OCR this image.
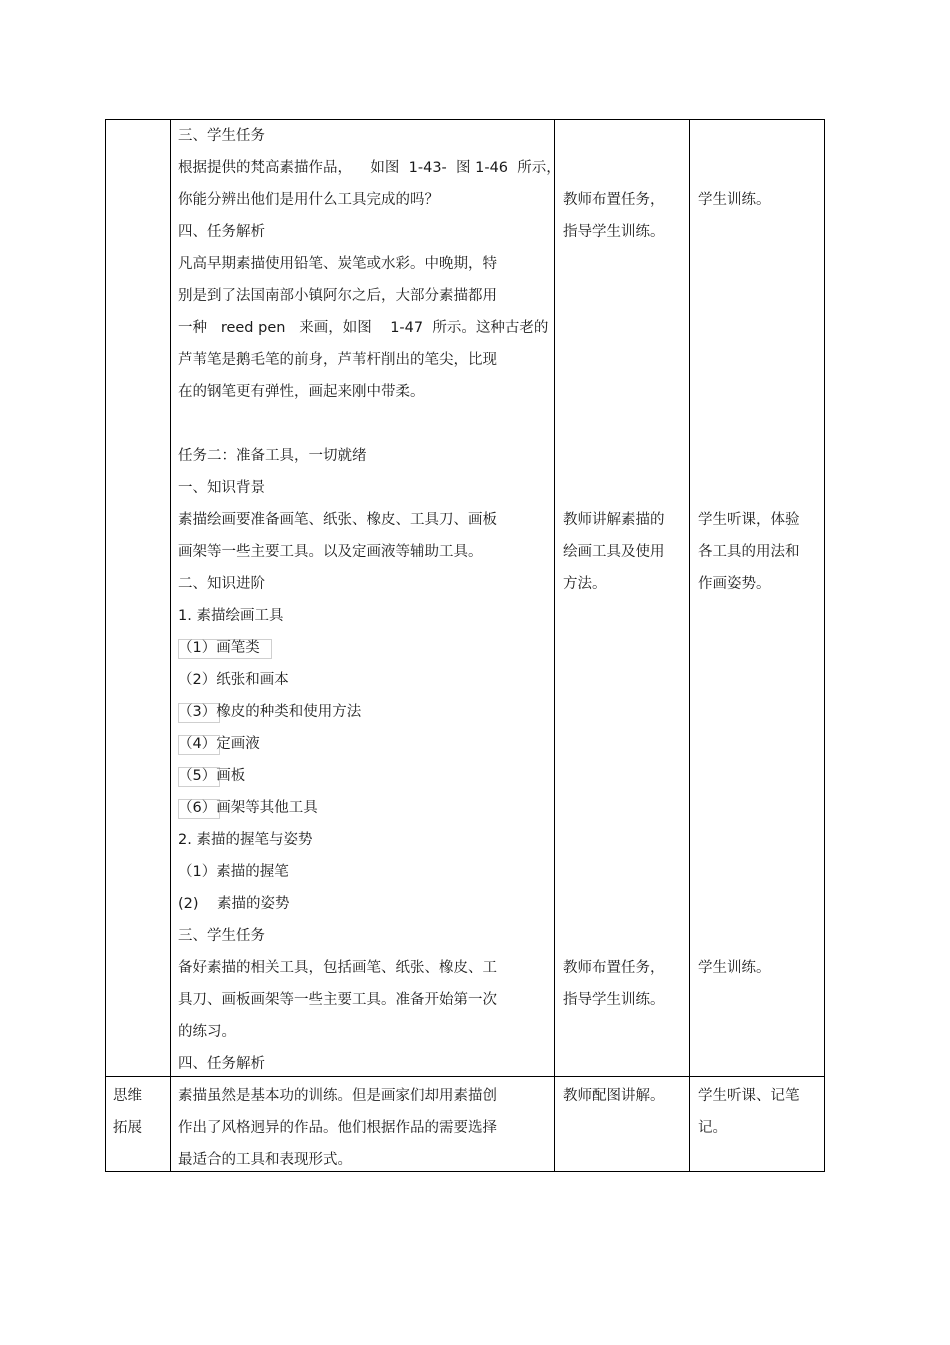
三、学生任务
根据提供的梵高素描作品，    如图  1-43-  图 1-46  所示，
你能分辨出他们是用什么工具完成的吗？
四、任务解析
凡高早期素描使用铅笔、炭笔或水彩。中晚期，特
别是到了法国南部小镇阿尔之后，大部分素描都用
一种   reed pen   来画，如图    1-47  所示。这种古老的
芦苇笔是鹅毛笔的前身，芦苇杆削出的笔尖，比现
在的钢笔更有弹性，画起来刚中带柔。
任务二：准备工具，一切就绪
一、知识背景
素描绘画要准备画笔、纸张、橡皮、工具刀、画板
画架等一些主要工具。以及定画液等辅助工具。
二、知识进阶
1. 素描绘画工具
（1）画笔类
（2）纸张和画本
（3）橡皮的种类和使用方法
（4）定画液
（5）画板
（6）画架等其他工具
2. 素描的握笔与姿势
（1）素描的握笔
(2)    素描的姿势
三、学生任务
备好素描的相关工具，包括画笔、纸张、橡皮、工
具刀、画板画架等一些主要工具。准备开始第一次
的练习。
四、任务解析
教师布置任务，
指导学生训练。
教师讲解素描的
绘画工具及使用
方法。
教师布置任务，
指导学生训练。
学生训练。
学生听课，体验
各工具的用法和
作画姿势。
学生训练。
思维
拓展
素描虽然是基本功的训练。但是画家们却用素描创
作出了风格迥异的作品。他们根据作品的需要选择
最适合的工具和表现形式。
教师配图讲解。 学生听课、记笔
记。
